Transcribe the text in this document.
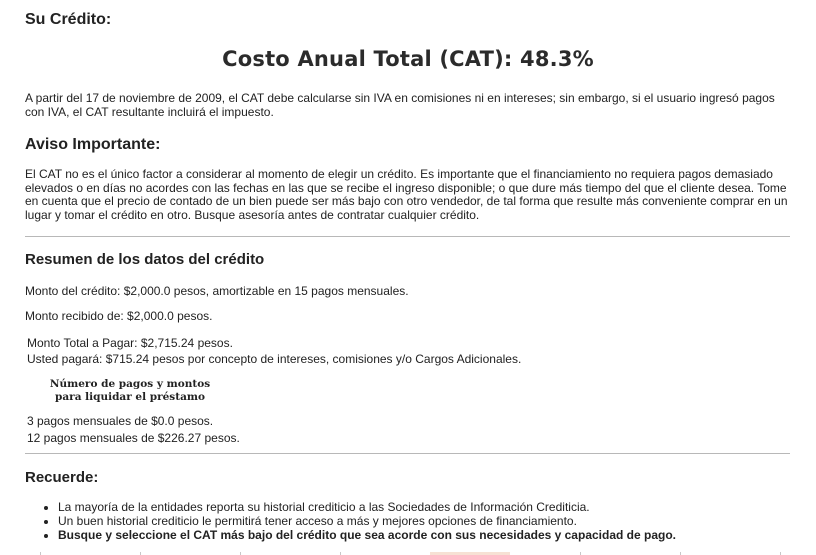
Su Crédito:
Costo Anual Total (CAT): 48.3%
A partir del 17 de noviembre de 2009, el CAT debe calcularse sin IVA en comisiones ni en intereses; sin embargo, si el usuario ingresó pagos con IVA, el CAT resultante incluirá el impuesto.
Aviso Importante:
El CAT no es el único factor a considerar al momento de elegir un crédito. Es importante que el financiamiento no requiera pagos demasiado elevados o en días no acordes con las fechas en las que se recibe el ingreso disponible; o que dure más tiempo del que el cliente desea. Tome en cuenta que el precio de contado de un bien puede ser más bajo con otro vendedor, de tal forma que resulte más conveniente comprar en un lugar y tomar el crédito en otro. Busque asesoría antes de contratar cualquier crédito.
Resumen de los datos del crédito
Monto del crédito: $2,000.0 pesos, amortizable en 15 pagos mensuales.
Monto recibido de: $2,000.0 pesos.
Monto Total a Pagar: $2,715.24 pesos.
Usted pagará: $715.24 pesos por concepto de intereses, comisiones y/o Cargos Adicionales.
Número de pagos y montos para liquidar el préstamo
3 pagos mensuales de $0.0 pesos.
12 pagos mensuales de $226.27 pesos.
Recuerde:
• La mayoría de la entidades reporta su historial crediticio a las Sociedades de Información Crediticia.
• Un buen historial crediticio le permitirá tener acceso a más y mejores opciones de financiamiento.
• Busque y seleccione el CAT más bajo del crédito que sea acorde con sus necesidades y capacidad de pago.
